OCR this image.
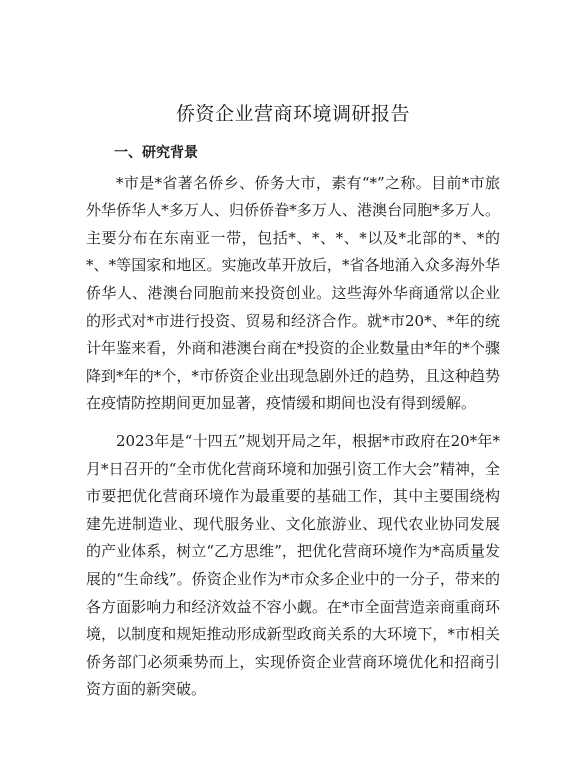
侨资企业营商环境调研报告

一、研究背景

*市是*省著名侨乡、侨务大市，素有“*”之称。目前*市旅外华侨华人*多万人、归侨侨眷*多万人、港澳台同胞*多万人。主要分布在东南亚一带，包括*、*、*、*以及*北部的*、*的*、*等国家和地区。实施改革开放后，*省各地涌入众多海外华侨华人、港澳台同胞前来投资创业。这些海外华商通常以企业的形式对*市进行投资、贸易和经济合作。就*市20*、*年的统计年鉴来看，外商和港澳台商在*投资的企业数量由*年的*个骤降到*年的*个，*市侨资企业出现急剧外迁的趋势，且这种趋势在疫情防控期间更加显著，疫情缓和期间也没有得到缓解。

2023年是“十四五”规划开局之年，根据*市政府在20*年*月*日召开的“全市优化营商环境和加强引资工作大会”精神，全市要把优化营商环境作为最重要的基础工作，其中主要围绕构建先进制造业、现代服务业、文化旅游业、现代农业协同发展的产业体系，树立“乙方思维”，把优化营商环境作为*高质量发展的“生命线”。侨资企业作为*市众多企业中的一分子，带来的各方面影响力和经济效益不容小觑。在*市全面营造亲商重商环境，以制度和规矩推动形成新型政商关系的大环境下，*市相关侨务部门必须乘势而上，实现侨资企业营商环境优化和招商引资方面的新突破。
